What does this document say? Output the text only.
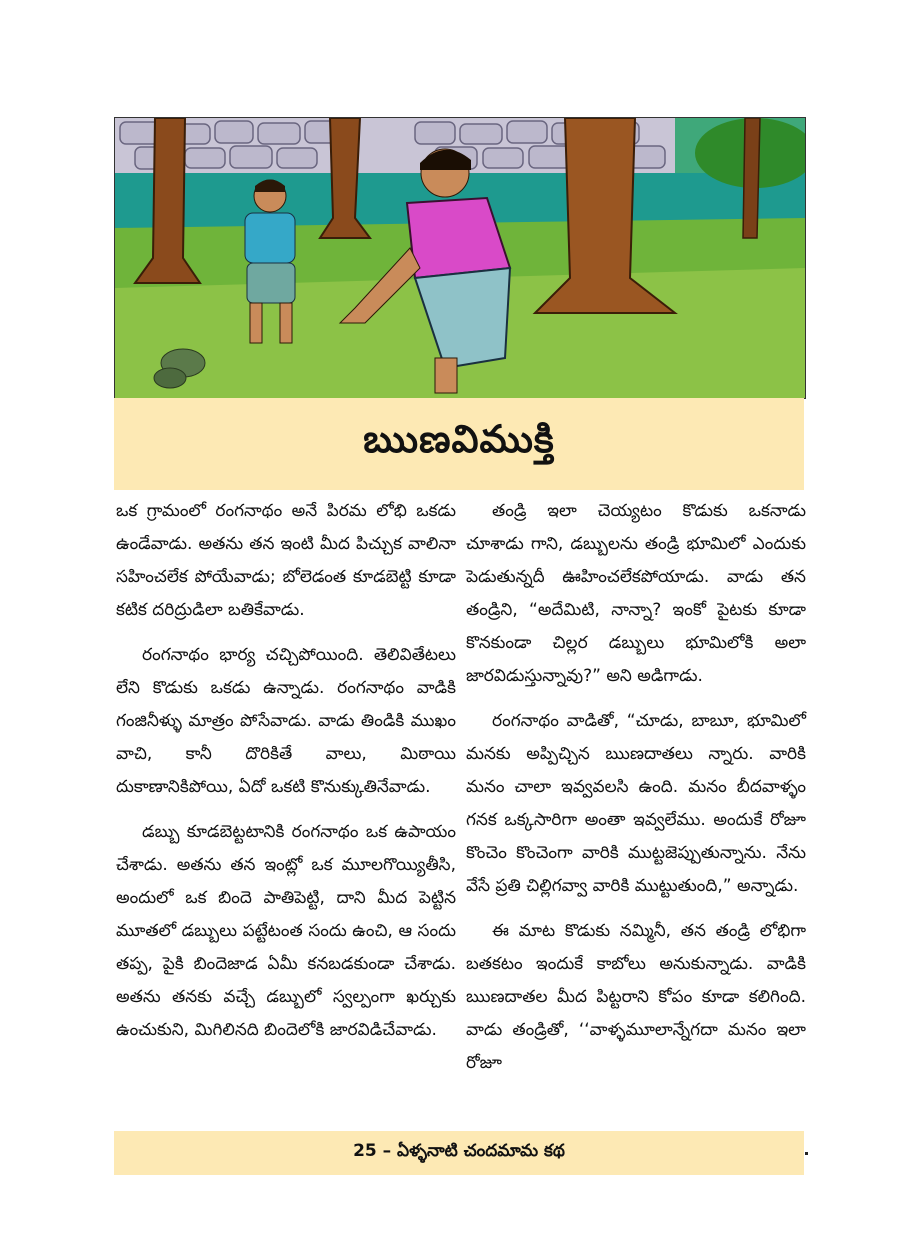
ఋణవిముక్తి

ఒక గ్రామంలో రంగనాథం అనే పిరమ లోభి ఒకడు ఉండేవాడు. అతను తన ఇంటి మీద పిచ్చుక వాలినా సహించలేక పోయేవాడు; బోలెడంత కూడబెట్టి కూడా కటిక దరిద్రుడిలా బతికేవాడు.

రంగనాథం భార్య చచ్చిపోయింది. తెలివితేటలు లేని కొడుకు ఒకడు ఉన్నాడు. రంగనాథం వాడికి గంజినీళ్ళు మాత్రం పోసేవాడు. వాడు తిండికి ముఖం వాచి, కానీ దొరికితే వాలు, మిఠాయి దుకాణానికిపోయి, ఏదో ఒకటి కొనుక్కుతినేవాడు.

డబ్బు కూడబెట్టటానికి రంగనాథం ఒక ఉపాయం చేశాడు. అతను తన ఇంట్లో ఒక మూలగొయ్యితీసి, అందులో ఒక బిందె పాతిపెట్టి, దాని మీద పెట్టిన మూతలో డబ్బులు పట్టేటంత సందు ఉంచి, ఆ సందు తప్ప, పైకి బిందెజాడ ఏమీ కనబడకుండా చేశాడు. అతను తనకు వచ్చే డబ్బులో స్వల్పంగా ఖర్చుకు ఉంచుకుని, మిగిలినది బిందెలోకి జారవిడిచేవాడు.

తండ్రి ఇలా చెయ్యటం కొడుకు ఒకనాడు చూశాడు గాని, డబ్బులను తండ్రి భూమిలో ఎందుకు పెడుతున్నదీ ఊహించలేకపోయాడు. వాడు తన తండ్రిని, “అదేమిటి, నాన్నా? ఇంకో పైటకు కూడా కొనకుండా చిల్లర డబ్బులు భూమిలోకి అలా జారవిడుస్తున్నావు?” అని అడిగాడు.

రంగనాథం వాడితో, “చూడు, బాబూ, భూమిలో మనకు అప్పిచ్చిన ఋణదాతలు న్నారు. వారికి మనం చాలా ఇవ్వవలసి ఉంది. మనం బీదవాళ్ళం గనక ఒక్కసారిగా అంతా ఇవ్వలేము. అందుకే రోజూ కొంచెం కొంచెంగా వారికి ముట్టజెప్పుతున్నాను. నేను వేసే ప్రతి చిల్లిగవ్వా వారికి ముట్టుతుంది,” అన్నాడు.

ఈ మాట కొడుకు నమ్మినీ, తన తండ్రి లోభిగా బతకటం ఇందుకే కాబోలు అనుకున్నాడు. వాడికి ఋణదాతల మీద పిట్టరాని కోపం కూడా కలిగింది. వాడు తండ్రితో, ‘‘వాళ్ళమూలాన్నేగదా మనం ఇలా రోజూ

25 – ఏళ్ళనాటి చందమామ కథ
